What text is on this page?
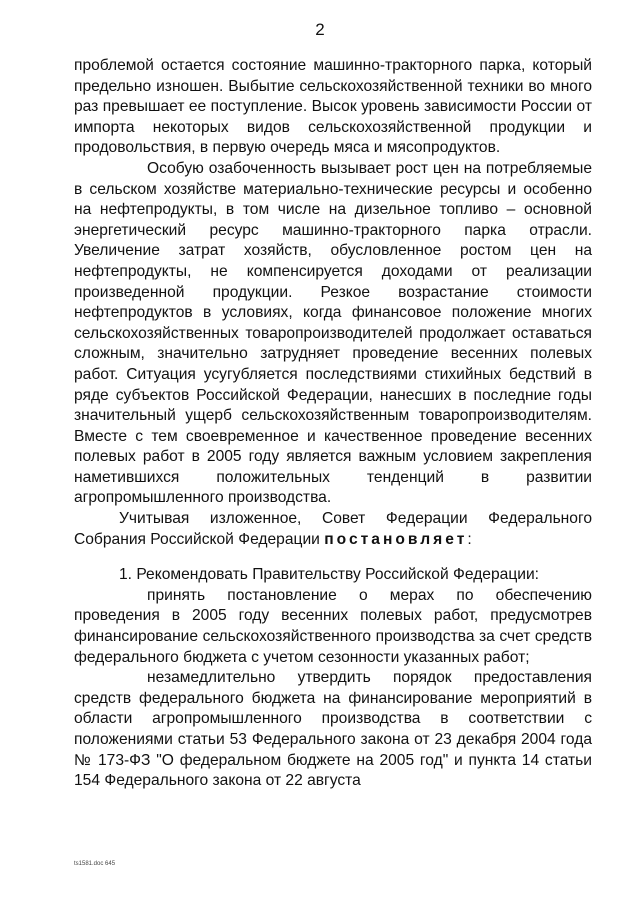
2

проблемой остается состояние машинно-тракторного парка, который предельно изношен. Выбытие сельскохозяйственной техники во много раз превышает ее поступление. Высок уровень зависимости России от импорта некоторых видов сельскохозяйственной продукции и продовольствия, в первую очередь мяса и мясопродуктов.

Особую озабоченность вызывает рост цен на потребляемые в сельском хозяйстве материально-технические ресурсы и особенно на нефтепродукты, в том числе на дизельное топливо – основной энергетический ресурс машинно-тракторного парка отрасли. Увеличение затрат хозяйств, обусловленное ростом цен на нефтепродукты, не компенсируется доходами от реализации произведенной продукции. Резкое возрастание стоимости нефтепродуктов в условиях, когда финансовое положение многих сельскохозяйственных товаропроизводителей продолжает оставаться сложным, значительно затрудняет проведение весенних полевых работ. Ситуация усугубляется последствиями стихийных бедствий в ряде субъектов Российской Федерации, нанесших в последние годы значительный ущерб сельскохозяйственным товаропроизводителям. Вместе с тем своевременное и качественное проведение весенних полевых работ в 2005 году является важным условием закрепления наметившихся положительных тенденций в развитии агропромышленного производства.

Учитывая изложенное, Совет Федерации Федерального Собрания Российской Федерации постановляет:

1. Рекомендовать Правительству Российской Федерации:

принять постановление о мерах по обеспечению проведения в 2005 году весенних полевых работ, предусмотрев финансирование сельскохозяйственного производства за счет средств федерального бюджета с учетом сезонности указанных работ;

незамедлительно утвердить порядок предоставления средств федерального бюджета на финансирование мероприятий в области агропромышленного производства в соответствии с положениями статьи 53 Федерального закона от 23 декабря 2004 года № 173-ФЗ "О федеральном бюджете на 2005 год" и пункта 14 статьи 154 Федерального закона от 22 августа

ts1581.doc 645
